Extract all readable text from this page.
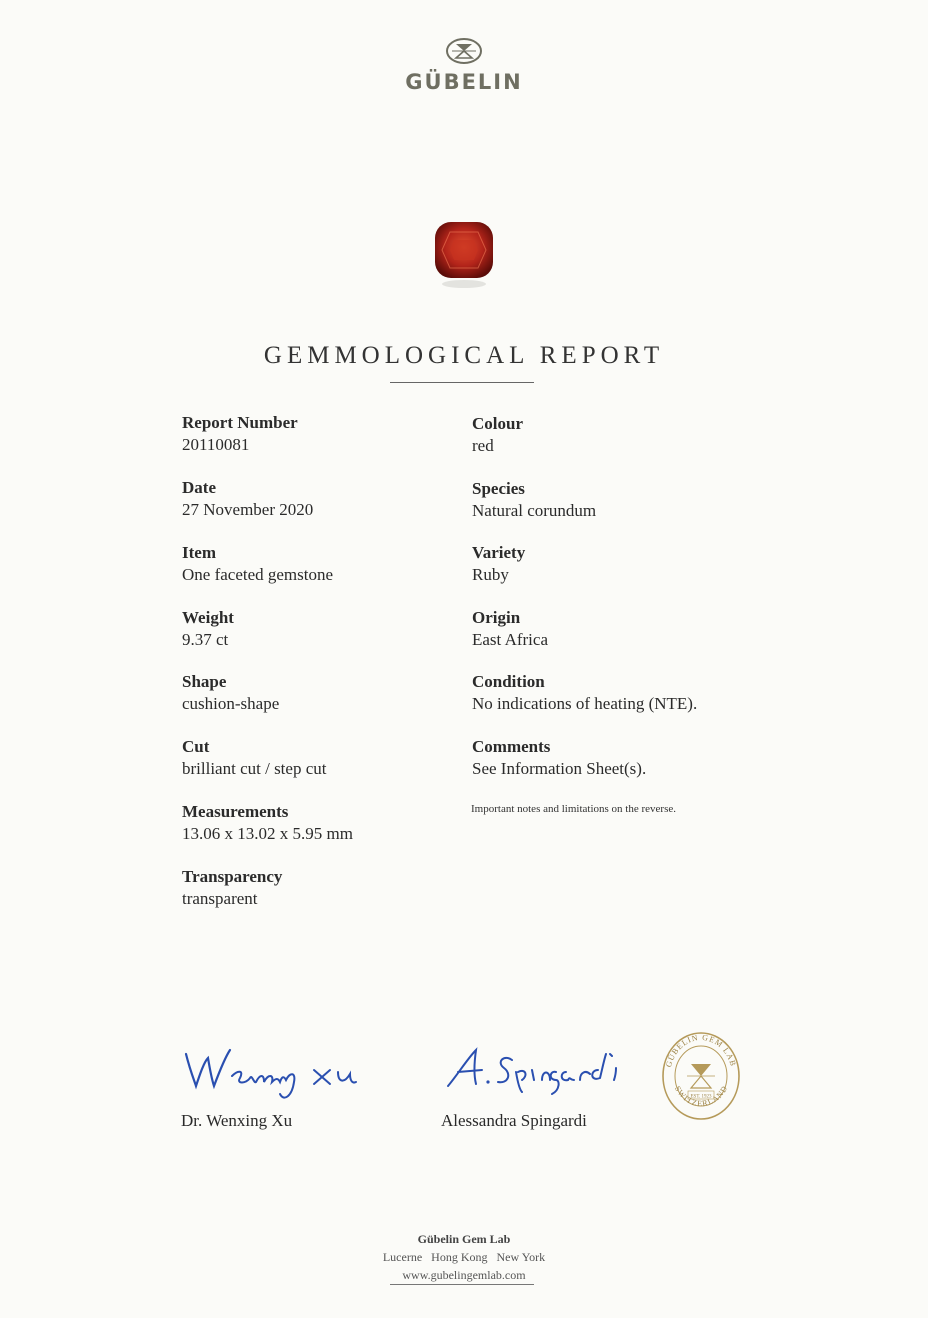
GÜBELIN
GEMMOLOGICAL REPORT
Report Number
20110081
Date
27 November 2020
Item
One faceted gemstone
Weight
9.37 ct
Shape
cushion-shape
Cut
brilliant cut / step cut
Measurements
13.06 x 13.02 x 5.95 mm
Transparency
transparent
Colour
red
Species
Natural corundum
Variety
Ruby
Origin
East Africa
Condition
No indications of heating (NTE).
Comments
See Information Sheet(s).
Important notes and limitations on the reverse.
Dr. Wenxing Xu	Alessandra Spingardi
GÜBELIN GEM LAB
SWITZERLAND
EST. 1923
Gübelin Gem Lab
Lucerne   Hong Kong   New York
www.gubelingemlab.com
